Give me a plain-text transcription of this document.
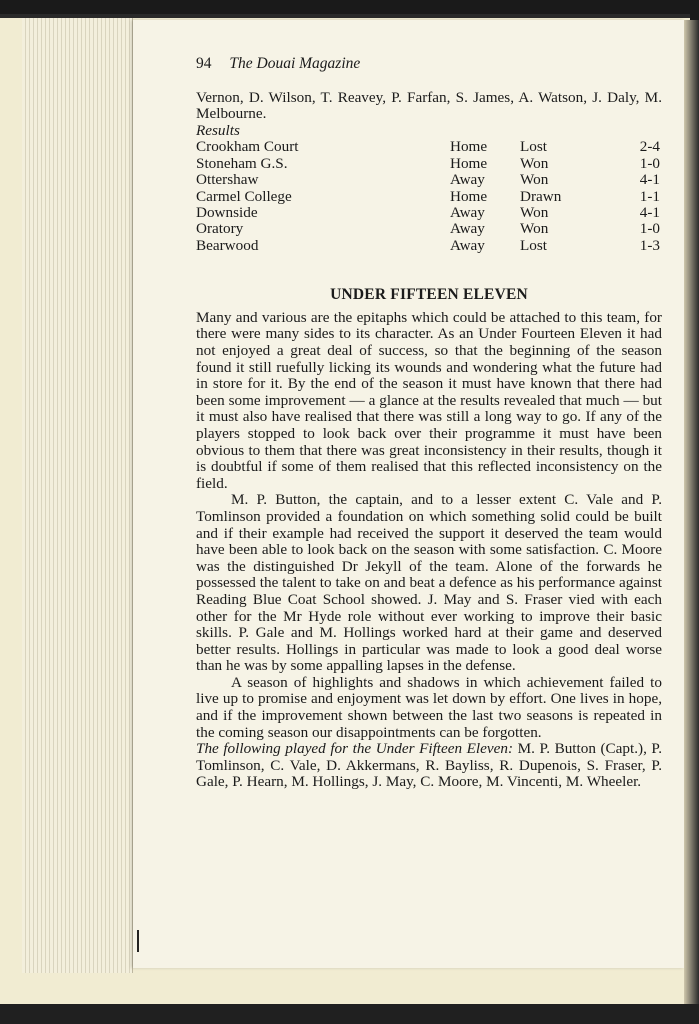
94 The Douai Magazine

Vernon, D. Wilson, T. Reavey, P. Farfan, S. James, A. Watson, J. Daly, M. Melbourne.

Results
Crookham Court	Home	Lost	2-4
Stoneham G.S.	Home	Won	1-0
Ottershaw	Away	Won	4-1
Carmel College	Home	Drawn	1-1
Downside	Away	Won	4-1
Oratory	Away	Won	1-0
Bearwood	Away	Lost	1-3
UNDER FIFTEEN ELEVEN

Many and various are the epitaphs which could be attached to this team, for there were many sides to its character. As an Under Fourteen Eleven it had not enjoyed a great deal of success, so that the beginning of the season found it still ruefully licking its wounds and wondering what the future had in store for it. By the end of the season it must have known that there had been some improvement — a glance at the results revealed that much — but it must also have realised that there was still a long way to go. If any of the players stopped to look back over their programme it must have been obvious to them that there was great inconsistency in their results, though it is doubtful if some of them realised that this reflected inconsistency on the field.

M. P. Button, the captain, and to a lesser extent C. Vale and P. Tomlinson provided a foundation on which something solid could be built and if their example had received the support it deserved the team would have been able to look back on the season with some satisfaction. C. Moore was the distinguished Dr Jekyll of the team. Alone of the forwards he possessed the talent to take on and beat a defence as his performance against Reading Blue Coat School showed. J. May and S. Fraser vied with each other for the Mr Hyde role without ever working to improve their basic skills. P. Gale and M. Hollings worked hard at their game and deserved better results. Hollings in particular was made to look a good deal worse than he was by some appalling lapses in the defense.

A season of highlights and shadows in which achievement failed to live up to promise and enjoyment was let down by effort. One lives in hope, and if the improvement shown between the last two seasons is repeated in the coming season our disappointments can be forgotten.

The following played for the Under Fifteen Eleven: M. P. Button (Capt.), P. Tomlinson, C. Vale, D. Akkermans, R. Bayliss, R. Dupenois, S. Fraser, P. Gale, P. Hearn, M. Hollings, J. May, C. Moore, M. Vincenti, M. Wheeler.
